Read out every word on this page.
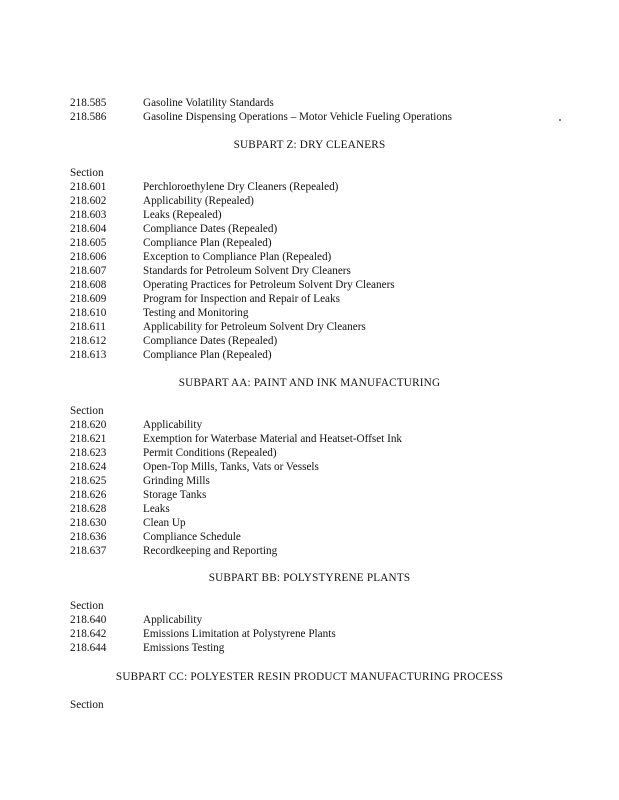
218.585	Gasoline Volatility Standards
218.586	Gasoline Dispensing Operations – Motor Vehicle Fueling Operations
SUBPART Z: DRY CLEANERS
Section
218.601	Perchloroethylene Dry Cleaners (Repealed)
218.602	Applicability (Repealed)
218.603	Leaks (Repealed)
218.604	Compliance Dates (Repealed)
218.605	Compliance Plan (Repealed)
218.606	Exception to Compliance Plan (Repealed)
218.607	Standards for Petroleum Solvent Dry Cleaners
218.608	Operating Practices for Petroleum Solvent Dry Cleaners
218.609	Program for Inspection and Repair of Leaks
218.610	Testing and Monitoring
218.611	Applicability for Petroleum Solvent Dry Cleaners
218.612	Compliance Dates (Repealed)
218.613	Compliance Plan (Repealed)
SUBPART AA: PAINT AND INK MANUFACTURING
Section
218.620	Applicability
218.621	Exemption for Waterbase Material and Heatset-Offset Ink
218.623	Permit Conditions (Repealed)
218.624	Open-Top Mills, Tanks, Vats or Vessels
218.625	Grinding Mills
218.626	Storage Tanks
218.628	Leaks
218.630	Clean Up
218.636	Compliance Schedule
218.637	Recordkeeping and Reporting
SUBPART BB: POLYSTYRENE PLANTS
Section
218.640	Applicability
218.642	Emissions Limitation at Polystyrene Plants
218.644	Emissions Testing
SUBPART CC: POLYESTER RESIN PRODUCT MANUFACTURING PROCESS
Section
